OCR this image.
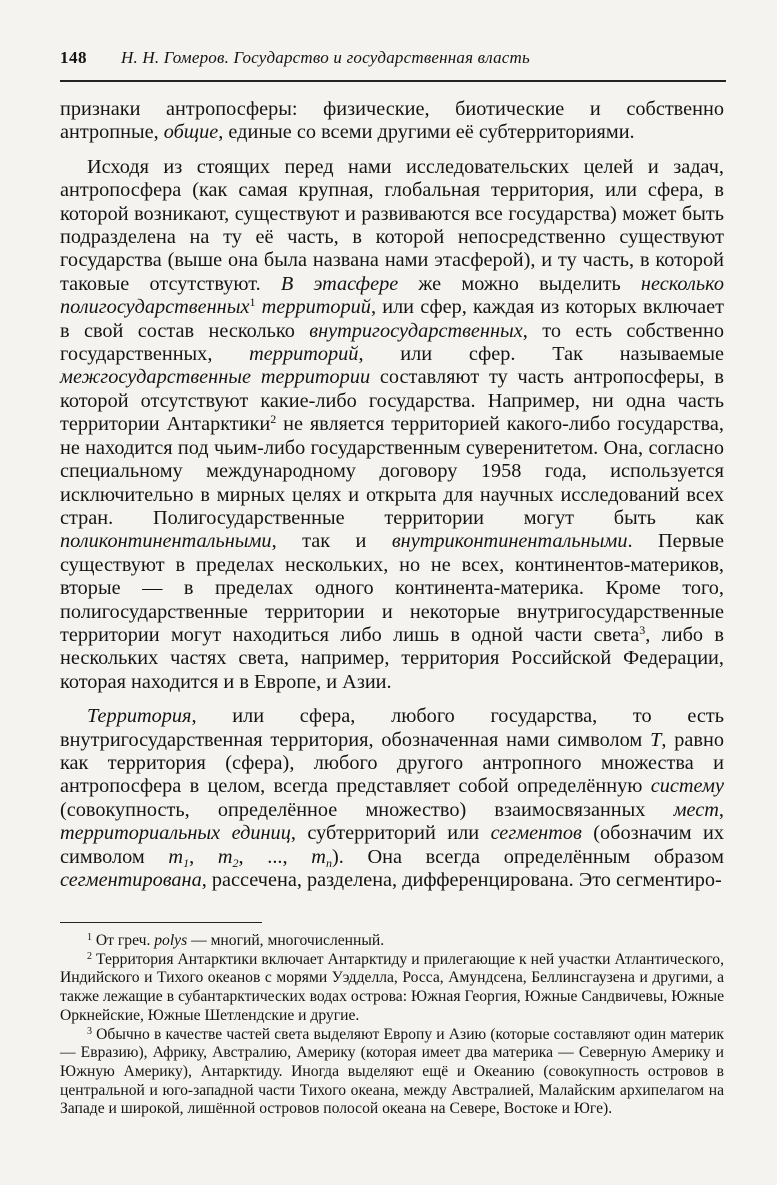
148 Н. Н. Гомеров. Государство и государственная власть

признаки антропосферы: физические, биотические и собственно антропные, общие, единые со всеми другими её субтерриториями.

Исходя из стоящих перед нами исследовательских целей и задач, антропосфера (как самая крупная, глобальная территория, или сфера, в которой возникают, существуют и развиваются все государства) может быть подразделена на ту её часть, в которой непосредственно существуют государства (выше она была названа нами этасферой), и ту часть, в которой таковые отсутствуют. В этасфере же можно выделить несколько полигосударственных$^1$ территорий, или сфер, каждая из которых включает в свой состав несколько внутригосударственных, то есть собственно государственных, территорий, или сфер. Так называемые межгосударственные территории составляют ту часть антропосферы, в которой отсутствуют какие-либо государства. Например, ни одна часть территории Антарктики$^2$ не является территорией какого-либо государства, не находится под чьим-либо государственным суверенитетом. Она, согласно специальному международному договору 1958 года, используется исключительно в мирных целях и открыта для научных исследований всех стран. Полигосударственные территории могут быть как поликонтинентальными, так и внутриконтинентальными. Первые существуют в пределах нескольких, но не всех, континентов-материков, вторые — в пределах одного континента-материка. Кроме того, полигосударственные территории и некоторые внутригосударственные территории могут находиться либо лишь в одной части света$^3$, либо в нескольких частях света, например, территория Российской Федерации, которая находится и в Европе, и Азии.

Территория, или сфера, любого государства, то есть внутригосударственная территория, обозначенная нами символом Т, равно как территория (сфера), любого другого антропного множества и антропосфера в целом, всегда представляет собой определённую систему (совокупность, определённое множество) взаимосвязанных мест, территориальных единиц, субтерриторий или сегментов (обозначим их символом $m_1$, $m_2$, ..., $m_n$). Она всегда определённым образом сегментирована, рассечена, разделена, дифференцирована. Это сегментиро-

$^1$ От греч. polys — многий, многочисленный.

$^2$ Территория Антарктики включает Антарктиду и прилегающие к ней участки Атлантического, Индийского и Тихого океанов с морями Уэдделла, Росса, Амундсена, Беллинсгаузена и другими, а также лежащие в субантарктических водах острова: Южная Георгия, Южные Сандвичевы, Южные Оркнейские, Южные Шетлендские и другие.

$^3$ Обычно в качестве частей света выделяют Европу и Азию (которые составляют один материк — Евразию), Африку, Австралию, Америку (которая имеет два материка — Северную Америку и Южную Америку), Антарктиду. Иногда выделяют ещё и Океанию (совокупность островов в центральной и юго-западной части Тихого океана, между Австралией, Малайским архипелагом на Западе и широкой, лишённой островов полосой океана на Севере, Востоке и Юге).
